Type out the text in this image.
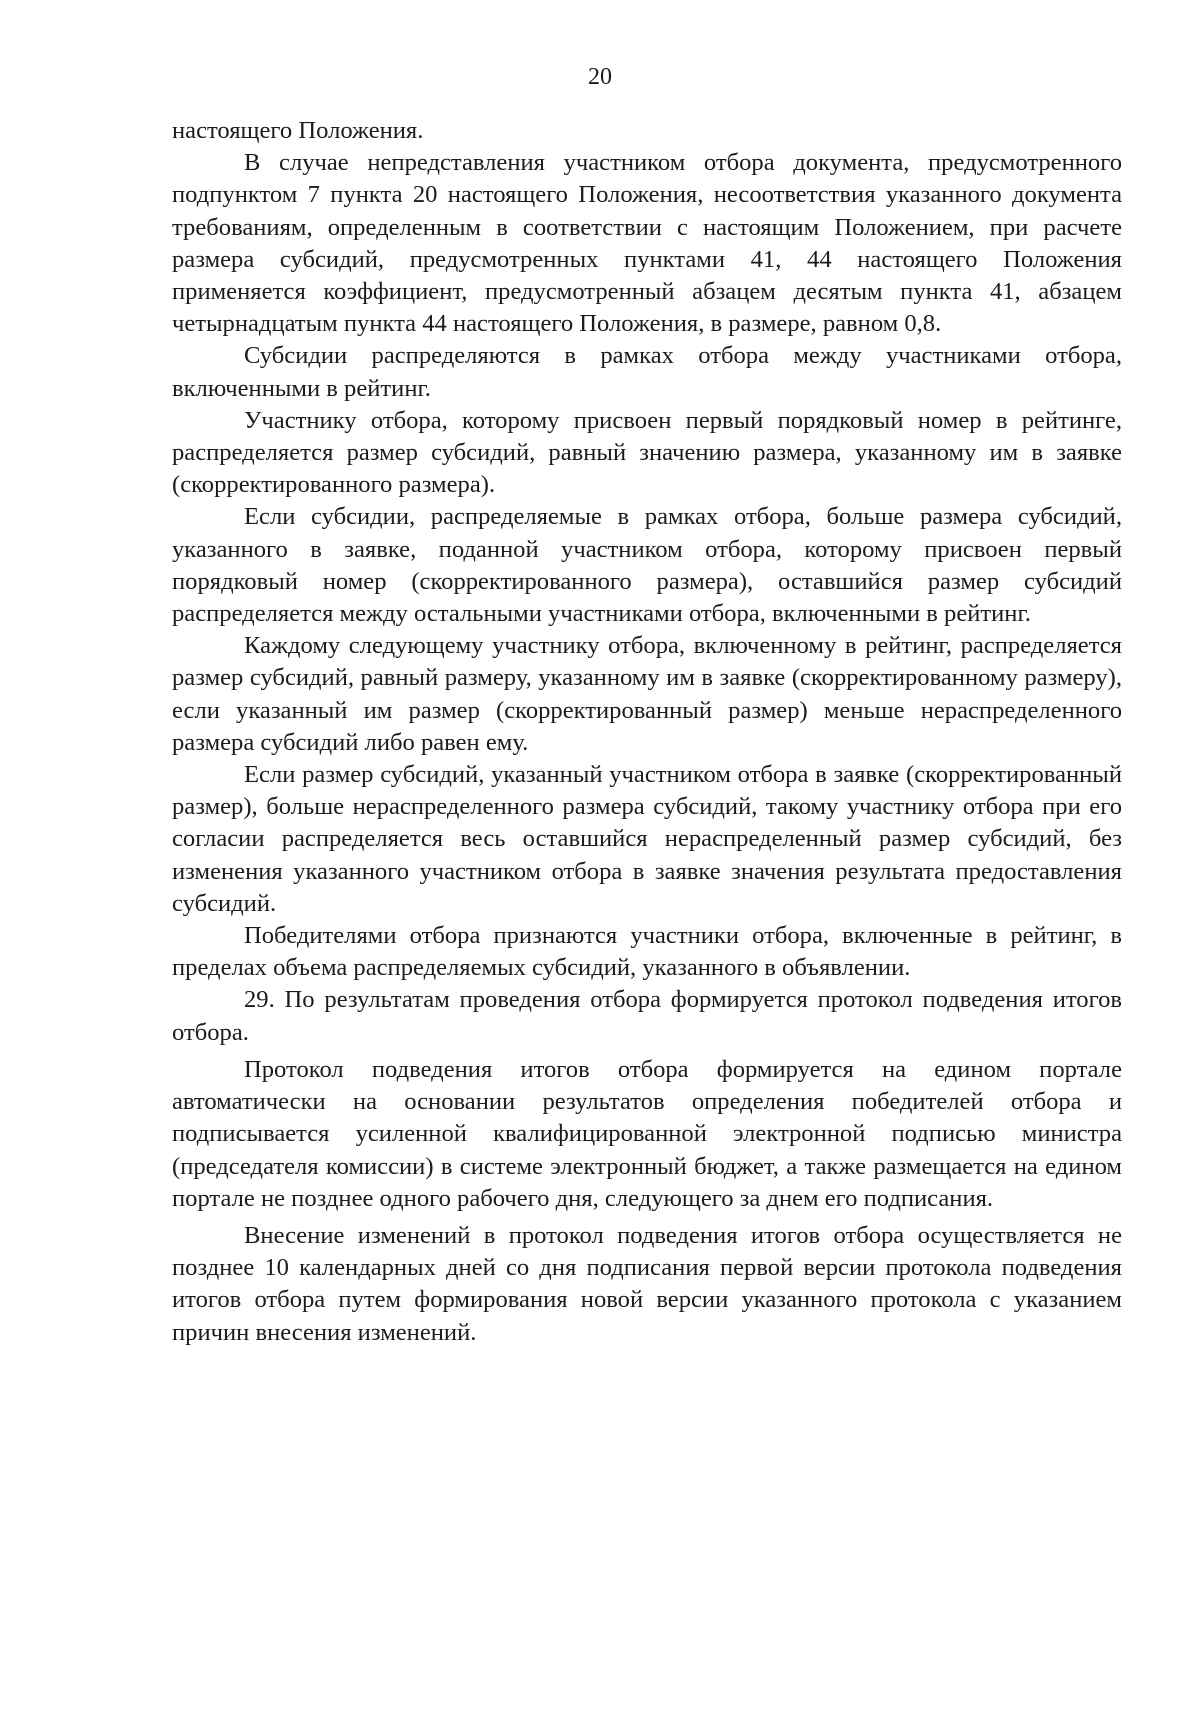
20

настоящего Положения.

В случае непредставления участником отбора документа, предусмотренного подпунктом 7 пункта 20 настоящего Положения, несоответствия указанного документа требованиям, определенным в соответствии с настоящим Положением, при расчете размера субсидий, предусмотренных пунктами 41, 44 настоящего Положения применяется коэффициент, предусмотренный абзацем десятым пункта 41, абзацем четырнадцатым пункта 44 настоящего Положения, в размере, равном 0,8.

Субсидии распределяются в рамках отбора между участниками отбора, включенными в рейтинг.

Участнику отбора, которому присвоен первый порядковый номер в рейтинге, распределяется размер субсидий, равный значению размера, указанному им в заявке (скорректированного размера).

Если субсидии, распределяемые в рамках отбора, больше размера субсидий, указанного в заявке, поданной участником отбора, которому присвоен первый порядковый номер (скорректированного размера), оставшийся размер субсидий распределяется между остальными участниками отбора, включенными в рейтинг.

Каждому следующему участнику отбора, включенному в рейтинг, распределяется размер субсидий, равный размеру, указанному им в заявке (скорректированному размеру), если указанный им размер (скорректированный размер) меньше нераспределенного размера субсидий либо равен ему.

Если размер субсидий, указанный участником отбора в заявке (скорректированный размер), больше нераспределенного размера субсидий, такому участнику отбора при его согласии распределяется весь оставшийся нераспределенный размер субсидий, без изменения указанного участником отбора в заявке значения результата предоставления субсидий.

Победителями отбора признаются участники отбора, включенные в рейтинг, в пределах объема распределяемых субсидий, указанного в объявлении.

29. По результатам проведения отбора формируется протокол подведения итогов отбора.

Протокол подведения итогов отбора формируется на едином портале автоматически на основании результатов определения победителей отбора и подписывается усиленной квалифицированной электронной подписью министра (председателя комиссии) в системе электронный бюджет, а также размещается на едином портале не позднее одного рабочего дня, следующего за днем его подписания.

Внесение изменений в протокол подведения итогов отбора осуществляется не позднее 10 календарных дней со дня подписания первой версии протокола подведения итогов отбора путем формирования новой версии указанного протокола с указанием причин внесения изменений.
